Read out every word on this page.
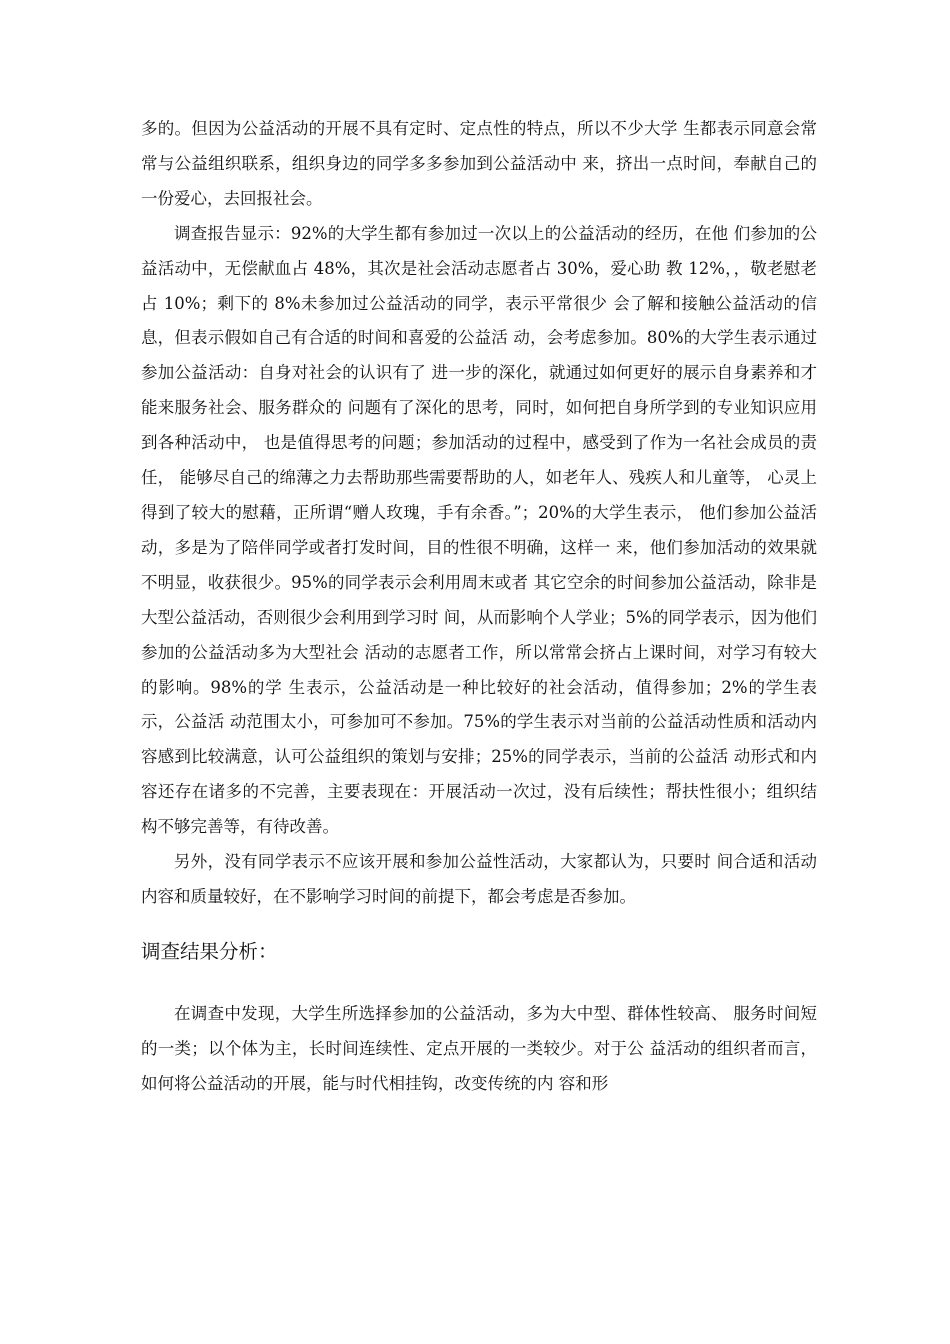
多的。但因为公益活动的开展不具有定时、定点性的特点，所以不少大学 生都表示同意会常常与公益组织联系，组织身边的同学多多参加到公益活动中 来，挤出一点时间，奉献自己的一份爱心，去回报社会。

调查报告显示：92%的大学生都有参加过一次以上的公益活动的经历，在他 们参加的公益活动中，无偿献血占 48%，其次是社会活动志愿者占 30%，爱心助 教 12%，，敬老慰老占 10%；剩下的 8%未参加过公益活动的同学，表示平常很少 会了解和接触公益活动的信息，但表示假如自己有合适的时间和喜爱的公益活 动，会考虑参加。80%的大学生表示通过参加公益活动：自身对社会的认识有了 进一步的深化，就通过如何更好的展示自身素养和才能来服务社会、服务群众的 问题有了深化的思考，同时，如何把自身所学到的专业知识应用到各种活动中， 也是值得思考的问题；参加活动的过程中，感受到了作为一名社会成员的责任， 能够尽自己的绵薄之力去帮助那些需要帮助的人，如老年人、残疾人和儿童等， 心灵上得到了较大的慰藉，正所谓“赠人玫瑰，手有余香。”；20%的大学生表示， 他们参加公益活动，多是为了陪伴同学或者打发时间，目的性很不明确，这样一 来，他们参加活动的效果就不明显，收获很少。95%的同学表示会利用周末或者 其它空余的时间参加公益活动，除非是大型公益活动，否则很少会利用到学习时 间，从而影响个人学业；5%的同学表示，因为他们参加的公益活动多为大型社会 活动的志愿者工作，所以常常会挤占上课时间，对学习有较大的影响。98%的学 生表示，公益活动是一种比较好的社会活动，值得参加；2%的学生表示，公益活 动范围太小，可参加可不参加。75%的学生表示对当前的公益活动性质和活动内 容感到比较满意，认可公益组织的策划与安排；25%的同学表示，当前的公益活 动形式和内容还存在诸多的不完善，主要表现在：开展活动一次过，没有后续性；帮扶性很小；组织结构不够完善等，有待改善。

另外，没有同学表示不应该开展和参加公益性活动，大家都认为，只要时 间合适和活动内容和质量较好，在不影响学习时间的前提下，都会考虑是否参加。

调查结果分析：

在调查中发现，大学生所选择参加的公益活动，多为大中型、群体性较高、 服务时间短的一类；以个体为主，长时间连续性、定点开展的一类较少。对于公 益活动的组织者而言，如何将公益活动的开展，能与时代相挂钩，改变传统的内 容和形
